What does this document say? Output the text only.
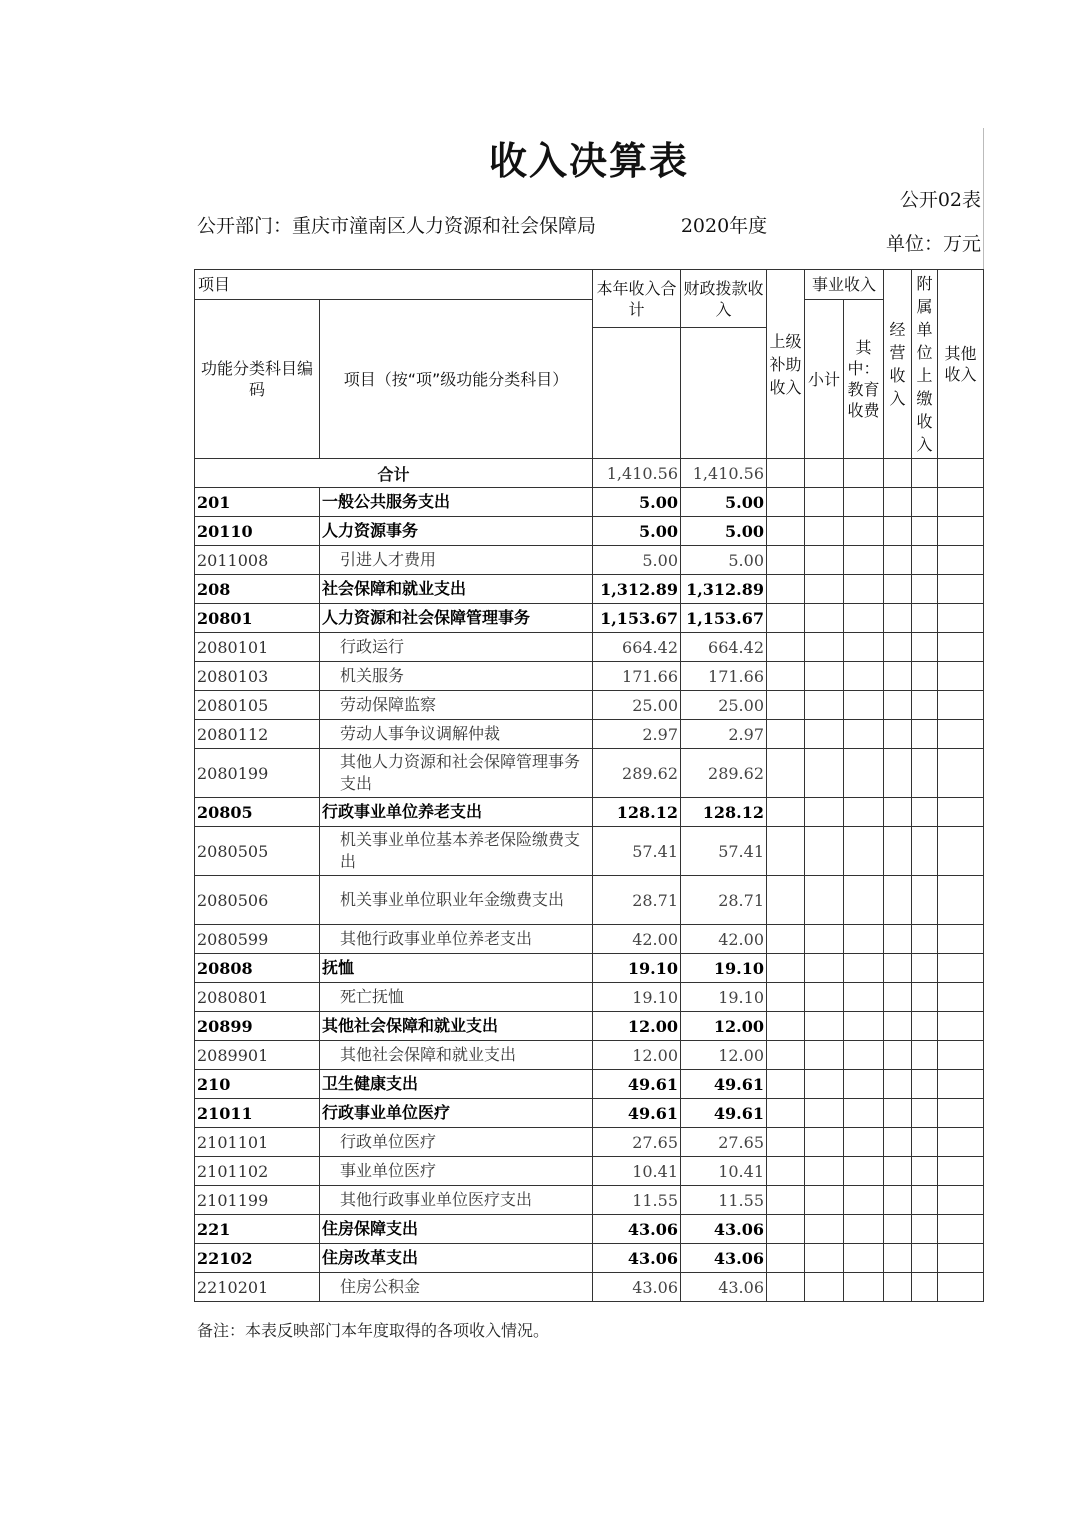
收入决算表
公开02表
公开部门：重庆市潼南区人力资源和社会保障局	2020年度
单位：万元
项目		本年收入合计	财政拨款收入	上级补助收入	事业收入		经营收入	附属单位上缴收入	其他收入
功能分类科目编码	项目（按“项”级功能分类科目）				小计	其中：教育收费			

合计		1,410.56	1,410.56						
201	一般公共服务支出	5.00	5.00						
20110	人力资源事务	5.00	5.00						
2011008	引进人才费用	5.00	5.00						
208	社会保障和就业支出	1,312.89	1,312.89						
20801	人力资源和社会保障管理事务	1,153.67	1,153.67						
2080101	行政运行	664.42	664.42						
2080103	机关服务	171.66	171.66						
2080105	劳动保障监察	25.00	25.00						
2080112	劳动人事争议调解仲裁	2.97	2.97						
2080199	其他人力资源和社会保障管理事务支出	289.62	289.62						
20805	行政事业单位养老支出	128.12	128.12						
2080505	机关事业单位基本养老保险缴费支出	57.41	57.41						
2080506	机关事业单位职业年金缴费支出	28.71	28.71						
2080599	其他行政事业单位养老支出	42.00	42.00						
20808	抚恤	19.10	19.10						
2080801	死亡抚恤	19.10	19.10						
20899	其他社会保障和就业支出	12.00	12.00						
2089901	其他社会保障和就业支出	12.00	12.00						
210	卫生健康支出	49.61	49.61						
21011	行政事业单位医疗	49.61	49.61						
2101101	行政单位医疗	27.65	27.65						
2101102	事业单位医疗	10.41	10.41						
2101199	其他行政事业单位医疗支出	11.55	11.55						
221	住房保障支出	43.06	43.06						
22102	住房改革支出	43.06	43.06						
2210201	住房公积金	43.06	43.06						
备注：本表反映部门本年度取得的各项收入情况。
